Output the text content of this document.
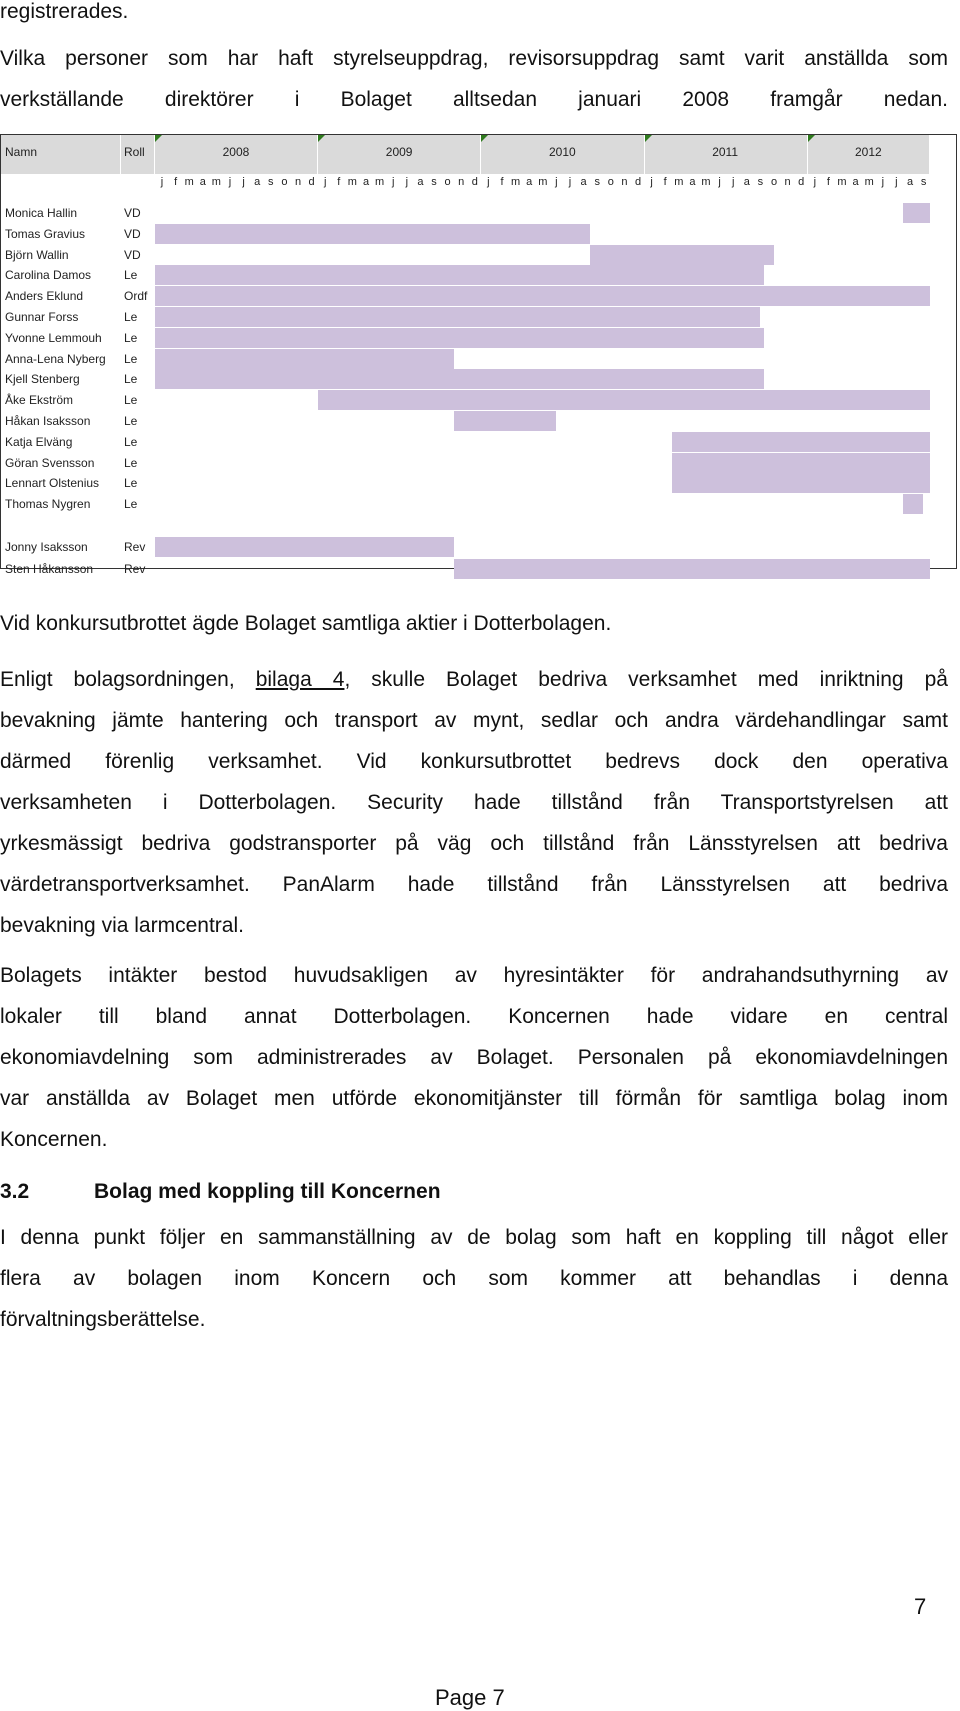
registrerades.
Vilka personer som har haft styrelseuppdrag, revisorsuppdrag samt varit anställda som
verkställande direktörer i Bolaget alltsedan januari 2008 framgår nedan.
Namn	Roll	2008	2009	2010	2011	2012
j f m a m j	j a s o n d j f m a m j	j a s o n d j f m a m j	j a s o n d j f m a m j	j a s o n d j f m a m j	j a s
Monica Hallin	VD
Tomas Gravius	VD
Björn Wallin	VD
Carolina Damos	Le
Anders Eklund	Ordf
Gunnar Forss	Le
Yvonne Lemmouh Le
Anna-Lena Nyberg Le
Kjell Stenberg	Le
Åke Ekström	Le
Håkan Isaksson	Le
Katja Elväng	Le
Göran Svensson Le
Lennart Olstenius Le
Thomas Nygren	Le
Jonny Isaksson	Rev
Sten Håkansson	Rev
Vid konkursutbrottet ägde Bolaget samtliga aktier i Dotterbolagen.
Enligt bolagsordningen, bilaga 4, skulle Bolaget bedriva verksamhet med inriktning på
bevakning jämte hantering och transport av mynt, sedlar och andra värdehandlingar samt
därmed förenlig verksamhet. Vid konkursutbrottet bedrevs dock den operativa
verksamheten i Dotterbolagen. Security hade tillstånd från Transportstyrelsen att
yrkesmässigt bedriva godstransporter på väg och tillstånd från Länsstyrelsen att bedriva
värdetransportverksamhet. PanAlarm hade tillstånd från Länsstyrelsen att bedriva
bevakning via larmcentral.
Bolagets intäkter bestod huvudsakligen av hyresintäkter för andrahandsuthyrning av
lokaler till bland annat Dotterbolagen. Koncernen hade vidare en central
ekonomiavdelning som administrerades av Bolaget. Personalen på ekonomiavdelningen
var anställda av Bolaget men utförde ekonomitjänster till förmån för samtliga bolag inom
Koncernen.
3.2	Bolag med koppling till Koncernen
I denna punkt följer en sammanställning av de bolag som haft en koppling till något eller
flera av bolagen inom Koncern och som kommer att behandlas i denna
förvaltningsberättelse.
7
Page 7
